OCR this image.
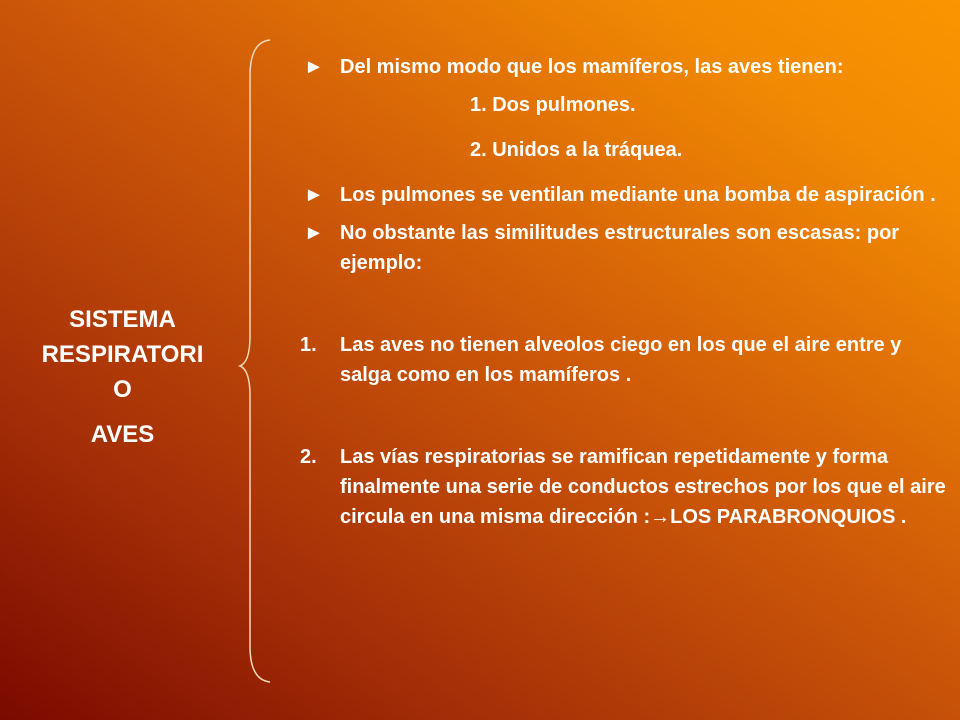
SISTEMA
RESPIRATORI
O
AVES
► Del mismo modo que los mamíferos, las aves tienen:
1. Dos pulmones.
2. Unidos a la tráquea.
► Los pulmones se ventilan mediante una bomba de aspiración .
► No obstante las similitudes estructurales son escasas: por ejemplo:
1. Las aves no tienen alveolos ciego en los que el aire entre y salga como en los mamíferos .
2. Las vías respiratorias se ramifican repetidamente y forma finalmente una serie de conductos estrechos por los que el aire circula en una misma dirección :→LOS PARABRONQUIOS .
